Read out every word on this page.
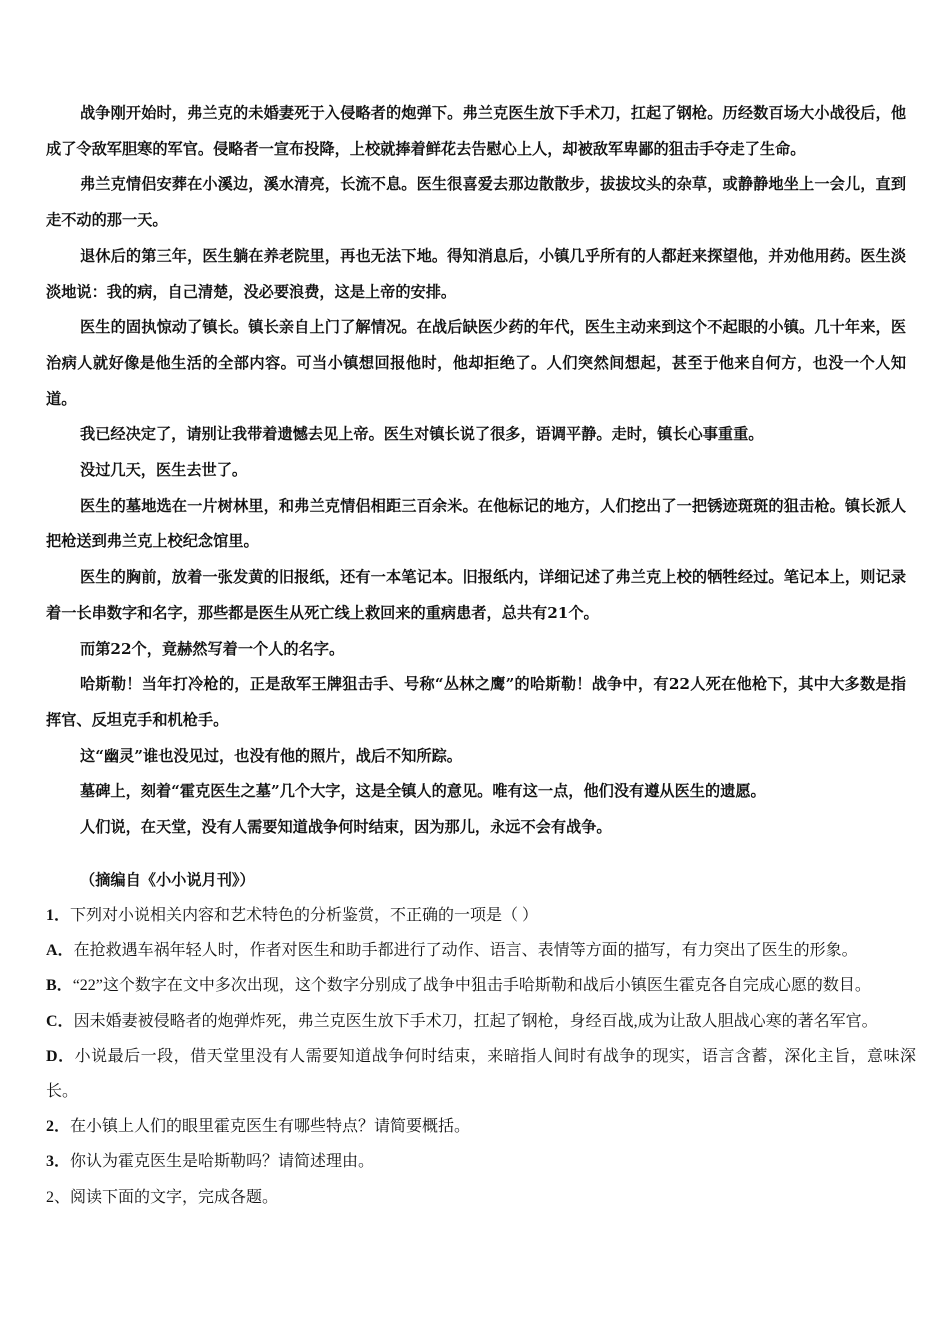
战争刚开始时，弗兰克的未婚妻死于入侵略者的炮弹下。弗兰克医生放下手术刀，扛起了钢枪。历经数百场大小战役后，他成了令敌军胆寒的军官。侵略者一宣布投降，上校就捧着鲜花去告慰心上人，却被敌军卑鄙的狙击手夺走了生命。

弗兰克情侣安葬在小溪边，溪水清亮，长流不息。医生很喜爱去那边散散步，拔拔坟头的杂草，或静静地坐上一会儿，直到走不动的那一天。

退休后的第三年，医生躺在养老院里，再也无法下地。得知消息后，小镇几乎所有的人都赶来探望他，并劝他用药。医生淡淡地说：我的病，自己清楚，没必要浪费，这是上帝的安排。

医生的固执惊动了镇长。镇长亲自上门了解情况。在战后缺医少药的年代，医生主动来到这个不起眼的小镇。几十年来，医治病人就好像是他生活的全部内容。可当小镇想回报他时，他却拒绝了。人们突然间想起，甚至于他来自何方，也没一个人知道。

我已经决定了，请别让我带着遗憾去见上帝。医生对镇长说了很多，语调平静。走时，镇长心事重重。

没过几天，医生去世了。

医生的墓地选在一片树林里，和弗兰克情侣相距三百余米。在他标记的地方，人们挖出了一把锈迹斑斑的狙击枪。镇长派人把枪送到弗兰克上校纪念馆里。

医生的胸前，放着一张发黄的旧报纸，还有一本笔记本。旧报纸内，详细记述了弗兰克上校的牺牲经过。笔记本上，则记录着一长串数字和名字，那些都是医生从死亡线上救回来的重病患者，总共有21个。

而第22个，竟赫然写着一个人的名字。

哈斯勒！当年打冷枪的，正是敌军王牌狙击手、号称“丛林之鹰”的哈斯勒！战争中，有22人死在他枪下，其中大多数是指挥官、反坦克手和机枪手。

这“幽灵”谁也没见过，也没有他的照片，战后不知所踪。

墓碑上，刻着“霍克医生之墓”几个大字，这是全镇人的意见。唯有这一点，他们没有遵从医生的遗愿。

人们说，在天堂，没有人需要知道战争何时结束，因为那儿，永远不会有战争。

（摘编自《小小说月刊》）

1．下列对小说相关内容和艺术特色的分析鉴赏，不正确的一项是（ ）

A．在抢救遇车祸年轻人时，作者对医生和助手都进行了动作、语言、表情等方面的描写，有力突出了医生的形象。

B．“22”这个数字在文中多次出现，这个数字分别成了战争中狙击手哈斯勒和战后小镇医生霍克各自完成心愿的数目。

C．因未婚妻被侵略者的炮弹炸死，弗兰克医生放下手术刀，扛起了钢枪，身经百战,成为让敌人胆战心寒的著名军官。

D．小说最后一段，借天堂里没有人需要知道战争何时结束，来暗指人间时有战争的现实，语言含蓄，深化主旨，意味深长。

2．在小镇上人们的眼里霍克医生有哪些特点？请简要概括。

3．你认为霍克医生是哈斯勒吗？请简述理由。

2、阅读下面的文字，完成各题。
